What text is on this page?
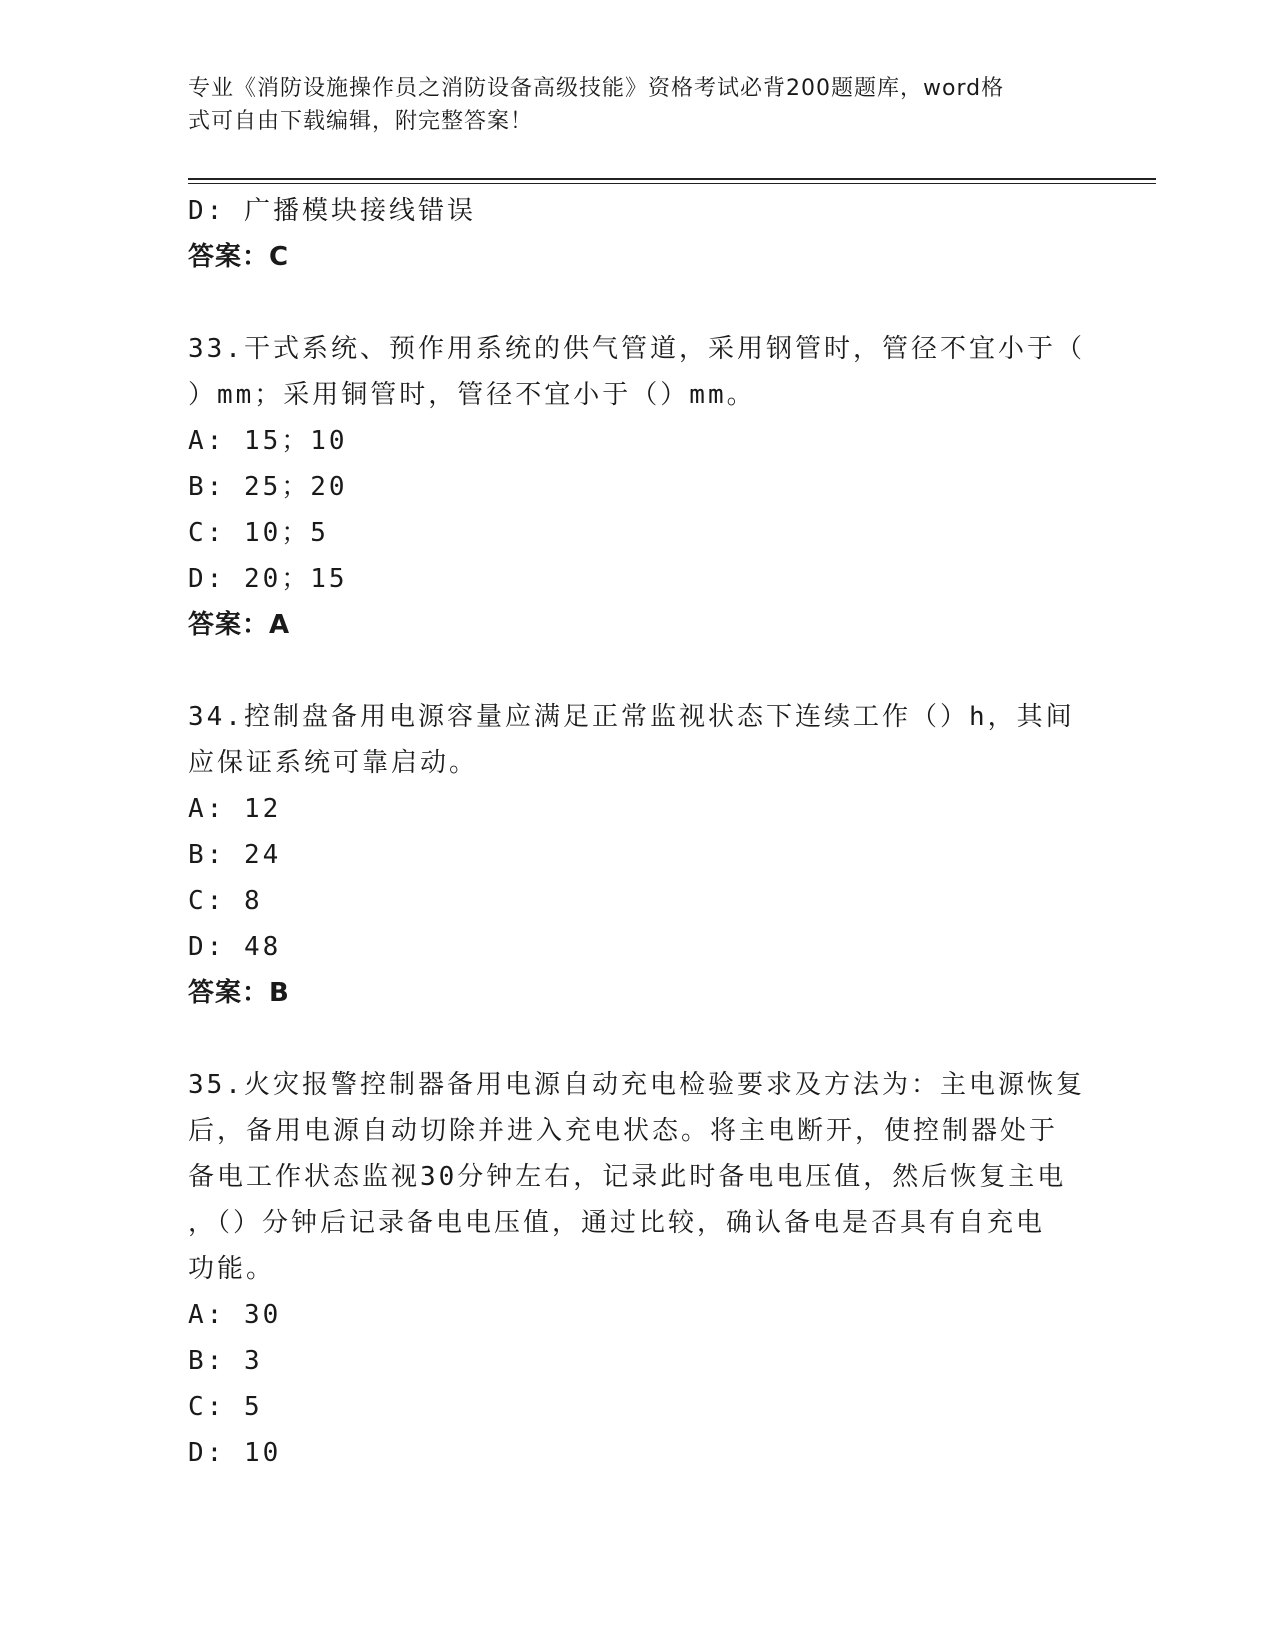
专业《消防设施操作员之消防设备高级技能》资格考试必背200题题库，word格
式可自由下载编辑，附完整答案！
D: 广播模块接线错误
答案：C
33.干式系统、预作用系统的供气管道，采用钢管时，管径不宜小于（
）mm；采用铜管时，管径不宜小于（）mm。
A: 15；10
B: 25；20
C: 10；5
D: 20；15
答案：A
34.控制盘备用电源容量应满足正常监视状态下连续工作（）h，其间
应保证系统可靠启动。
A: 12
B: 24
C: 8
D: 48
答案：B
35.火灾报警控制器备用电源自动充电检验要求及方法为：主电源恢复
后，备用电源自动切除并进入充电状态。将主电断开，使控制器处于
备电工作状态监视30分钟左右，记录此时备电电压值，然后恢复主电
，（）分钟后记录备电电压值，通过比较，确认备电是否具有自充电
功能。
A: 30
B: 3
C: 5
D: 10
